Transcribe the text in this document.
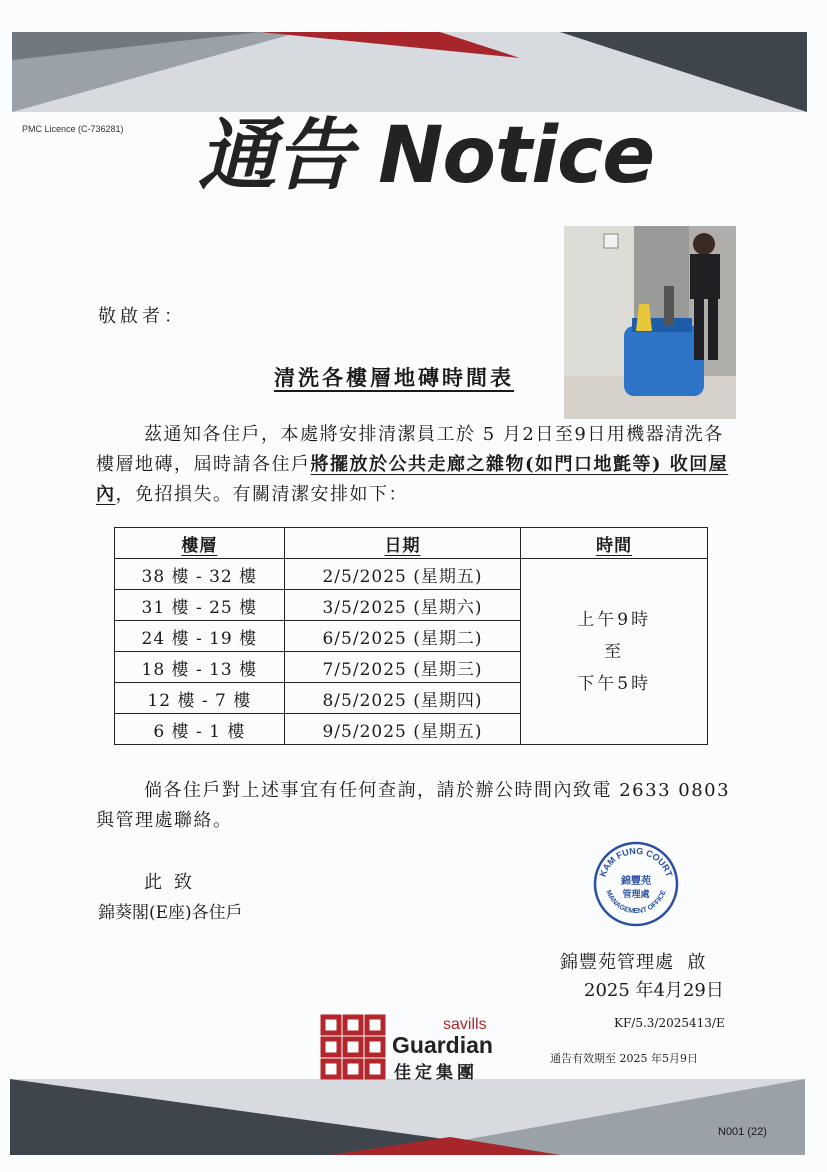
PMC Licence (C-736281) 通告 Notice
敬啟者：
清洗各樓層地磚時間表
茲通知各住戶，本處將安排清潔員工於 5 月2日至9日用機器清洗各樓層地磚，屆時請各住戶將擺放於公共走廊之雜物(如門口地氈等) 收回屋內，免招損失。有關清潔安排如下：
樓層	日期	時間
38 樓 - 32 樓	2/5/2025 (星期五)	上午9時
至
下午5時

31 樓 - 25 樓	3/5/2025 (星期六)	
24 樓 - 19 樓	6/5/2025 (星期二)	
18 樓 - 13 樓	7/5/2025 (星期三)	
12 樓 - 7 樓	8/5/2025 (星期四)	
6 樓 - 1 樓	9/5/2025 (星期五)	
倘各住戶對上述事宜有任何查詢，請於辦公時間內致電 2633 0803 與管理處聯絡。
此致
錦葵閣(E座)各住戶
KAM FUNG COURT
錦豐苑
管理處
MANAGEMENT OFFICE
錦豐苑管理處  啟
2025 年4月29日
savills
Guardian
佳定集團
KF/5.3/2025413/E
通告有效期至 2025 年5月9日
N001 (22)
